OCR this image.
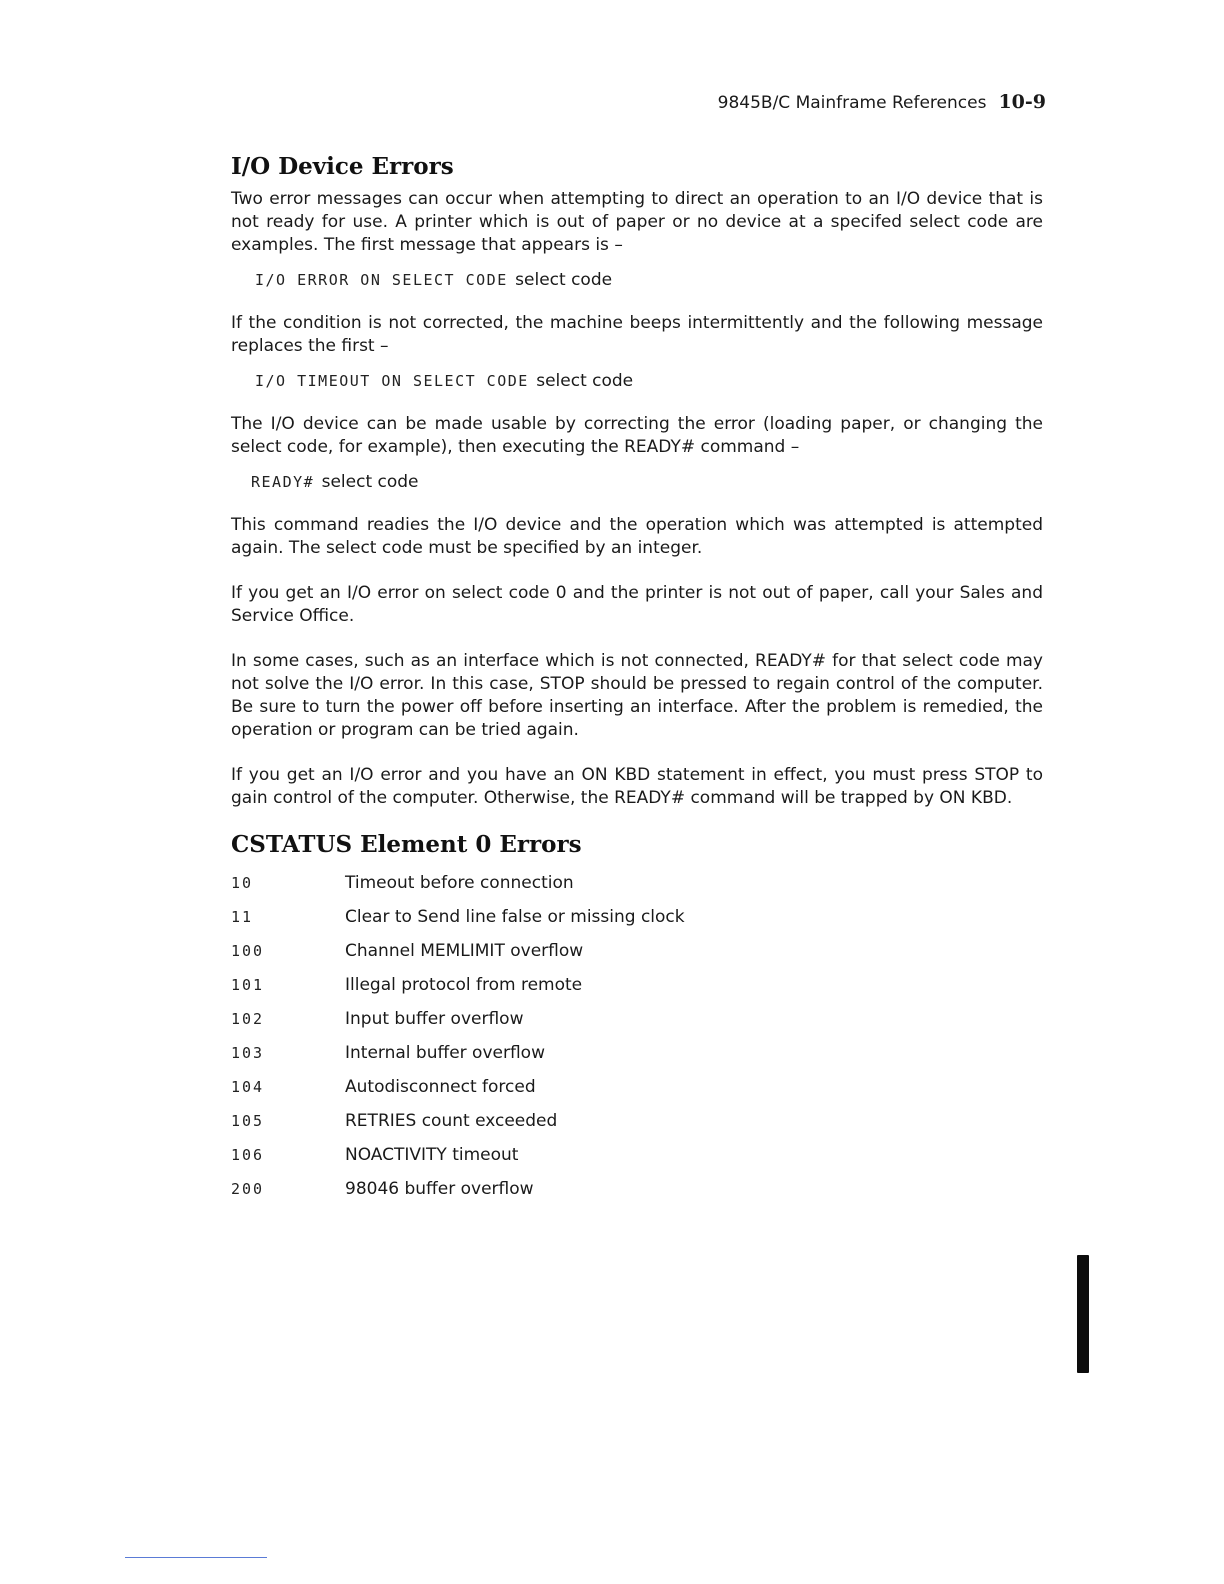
9845B/C Mainframe References 10-9
I/O Device Errors

Two error messages can occur when attempting to direct an operation to an I/O device that is not ready for use. A printer which is out of paper or no device at a specifed select code are examples. The first message that appears is –

I/O ERROR ON SELECT CODE select code

If the condition is not corrected, the machine beeps intermittently and the following message replaces the first –

I/O TIMEOUT ON SELECT CODE select code

The I/O device can be made usable by correcting the error (loading paper, or changing the select code, for example), then executing the READY# command –

READY# select code

This command readies the I/O device and the operation which was attempted is attempted again. The select code must be specified by an integer.

If you get an I/O error on select code 0 and the printer is not out of paper, call your Sales and Service Office.

In some cases, such as an interface which is not connected, READY# for that select code may not solve the I/O error. In this case, STOP should be pressed to regain control of the computer. Be sure to turn the power off before inserting an interface. After the problem is remedied, the operation or program can be tried again.

If you get an I/O error and you have an ON KBD statement in effect, you must press STOP to gain control of the computer. Otherwise, the READY# command will be trapped by ON KBD.

CSTATUS Element 0 Errors
10	Timeout before connection
11	Clear to Send line false or missing clock
100	Channel MEMLIMIT overflow
101	Illegal protocol from remote
102	Input buffer overflow
103	Internal buffer overflow
104	Autodisconnect forced
105	RETRIES count exceeded
106	NOACTIVITY timeout
200	98046 buffer overflow
